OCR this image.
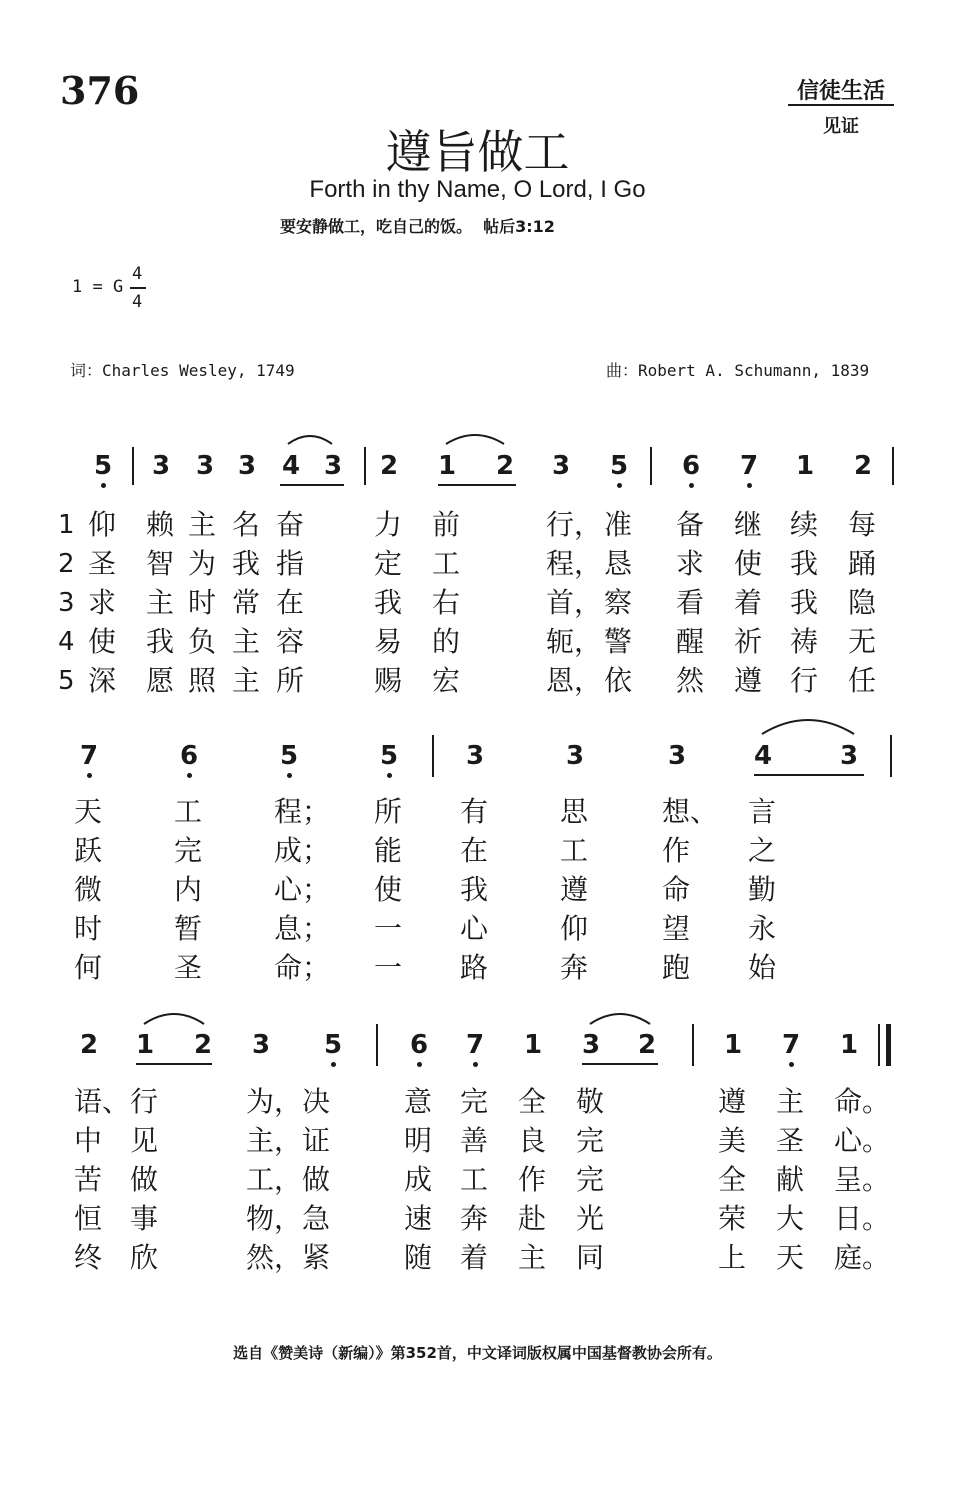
376	信徒生活
见证
遵旨做工
Forth in thy Name, O Lord, I Go
要安静做工，吃自己的饭。  帖后3:12
1 = G
4
4
词：Charles Wesley, 1749	曲：Robert A. Schumann, 1839
5 3 3 3 4 3 2 1 2 3 5 6 7 1 2
1 仰 赖 主 名 奋 力 前	行， 准 备 继 续 每
2 圣 智 为 我 指 定 工	程， 恳 求 使 我 踊
3 求 主 时 常 在 我 右	首， 察 看 着 我 隐
4 使 我 负 主 容 易 的	轭， 警 醒 祈 祷 无
5 深 愿 照 主 所 赐 宏	恩， 依 然 遵 行 任
7	6	5	5	3	3	3	4	3
天	工	程； 所 有	思	想、 言
跃	完	成； 能 在	工	作 之
微	内	心； 使 我	遵	命 勤
时	暂	息； 一 心	仰	望 永
何	圣	命； 一 路	奔	跑 始
2 1 2 3 5	6 7 1 3 2	1 7 1
语、行	为，决	意 完 全 敬	遵 主 命。
中 见	主，证	明 善 良 完	美 圣 心。
苦 做	工，做	成 工 作 完	全 献 呈。
恒 事	物，急	速 奔 赴 光	荣 大 日。
终 欣	然，紧	随 着 主 同	上 天 庭。
选自《赞美诗（新编）》第352首，中文译词版权属中国基督教协会所有。
